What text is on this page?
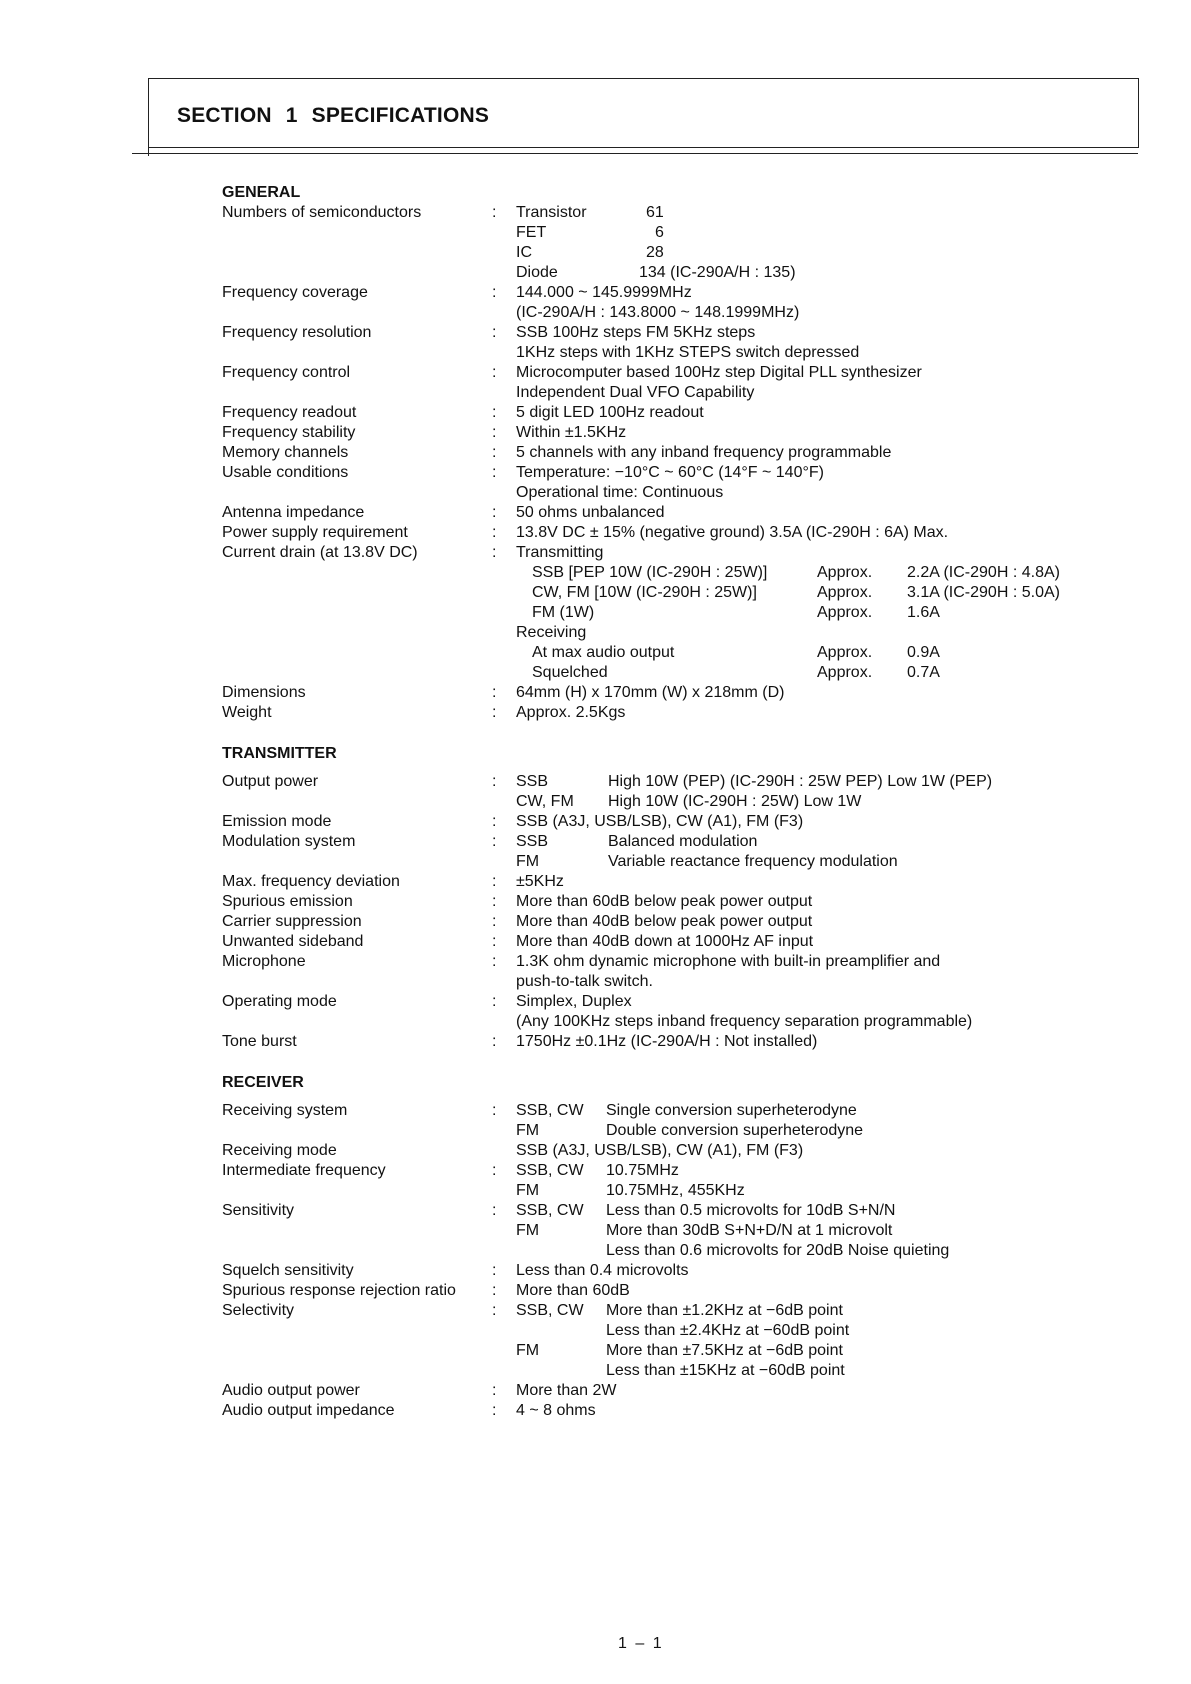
SECTION 1 SPECIFICATIONS
GENERAL
Numbers of semiconductors	:	Transistor	61
FET	6
IC	28
Diode	134 (IC-290A/H : 135)
Frequency coverage	:	144.000 ~ 145.9999MHz
(IC-290A/H : 143.8000 ~ 148.1999MHz)
Frequency resolution	:	SSB 100Hz steps FM 5KHz steps
1KHz steps with 1KHz STEPS switch depressed
Frequency control	:	Microcomputer based 100Hz step Digital PLL synthesizer
Independent Dual VFO Capability
Frequency readout	:	5 digit LED 100Hz readout
Frequency stability	:	Within ±1.5KHz
Memory channels	:	5 channels with any inband frequency programmable
Usable conditions	:	Temperature: −10°C ~ 60°C (14°F ~ 140°F)
Operational time: Continuous
Antenna impedance	:	50 ohms unbalanced
Power supply requirement	:	13.8V DC ± 15% (negative ground) 3.5A (IC-290H : 6A) Max.
Current drain (at 13.8V DC)	:	Transmitting
SSB [PEP 10W (IC-290H : 25W)]	Approx. 2.2A (IC-290H : 4.8A)
CW, FM [10W (IC-290H : 25W)]	Approx. 3.1A (IC-290H : 5.0A)
FM (1W)	Approx. 1.6A
Receiving
At max audio output	Approx. 0.9A
Squelched	Approx. 0.7A
Dimensions	:	64mm (H) x 170mm (W) x 218mm (D)
Weight	:	Approx. 2.5Kgs
TRANSMITTER
Output power	:	SSB	High 10W (PEP) (IC-290H : 25W PEP) Low 1W (PEP)
CW, FM High 10W (IC-290H : 25W) Low 1W
Emission mode	:	SSB (A3J, USB/LSB), CW (A1), FM (F3)
Modulation system	:	SSB	Balanced modulation
FM	Variable reactance frequency modulation
Max. frequency deviation	:	±5KHz
Spurious emission	:	More than 60dB below peak power output
Carrier suppression	:	More than 40dB below peak power output
Unwanted sideband	:	More than 40dB down at 1000Hz AF input
Microphone	:	1.3K ohm dynamic microphone with built-in preamplifier and
push-to-talk switch.
Operating mode	:	Simplex, Duplex
(Any 100KHz steps inband frequency separation programmable)
Tone burst	:	1750Hz ±0.1Hz (IC-290A/H : Not installed)
RECEIVER
Receiving system	:	SSB, CW Single conversion superheterodyne
FM	Double conversion superheterodyne
Receiving mode	SSB (A3J, USB/LSB), CW (A1), FM (F3)
Intermediate frequency	:	SSB, CW 10.75MHz
FM	10.75MHz, 455KHz
Sensitivity	:	SSB, CW Less than 0.5 microvolts for 10dB S+N/N
FM	More than 30dB S+N+D/N at 1 microvolt
Less than 0.6 microvolts for 20dB Noise quieting
Squelch sensitivity	:	Less than 0.4 microvolts
Spurious response rejection ratio	:	More than 60dB
Selectivity	:	SSB, CW More than ±1.2KHz at −6dB point
Less than ±2.4KHz at −60dB point
FM	More than ±7.5KHz at −6dB point
Less than ±15KHz at −60dB point
Audio output power	:	More than 2W
Audio output impedance	:	4 ~ 8 ohms
1 – 1
